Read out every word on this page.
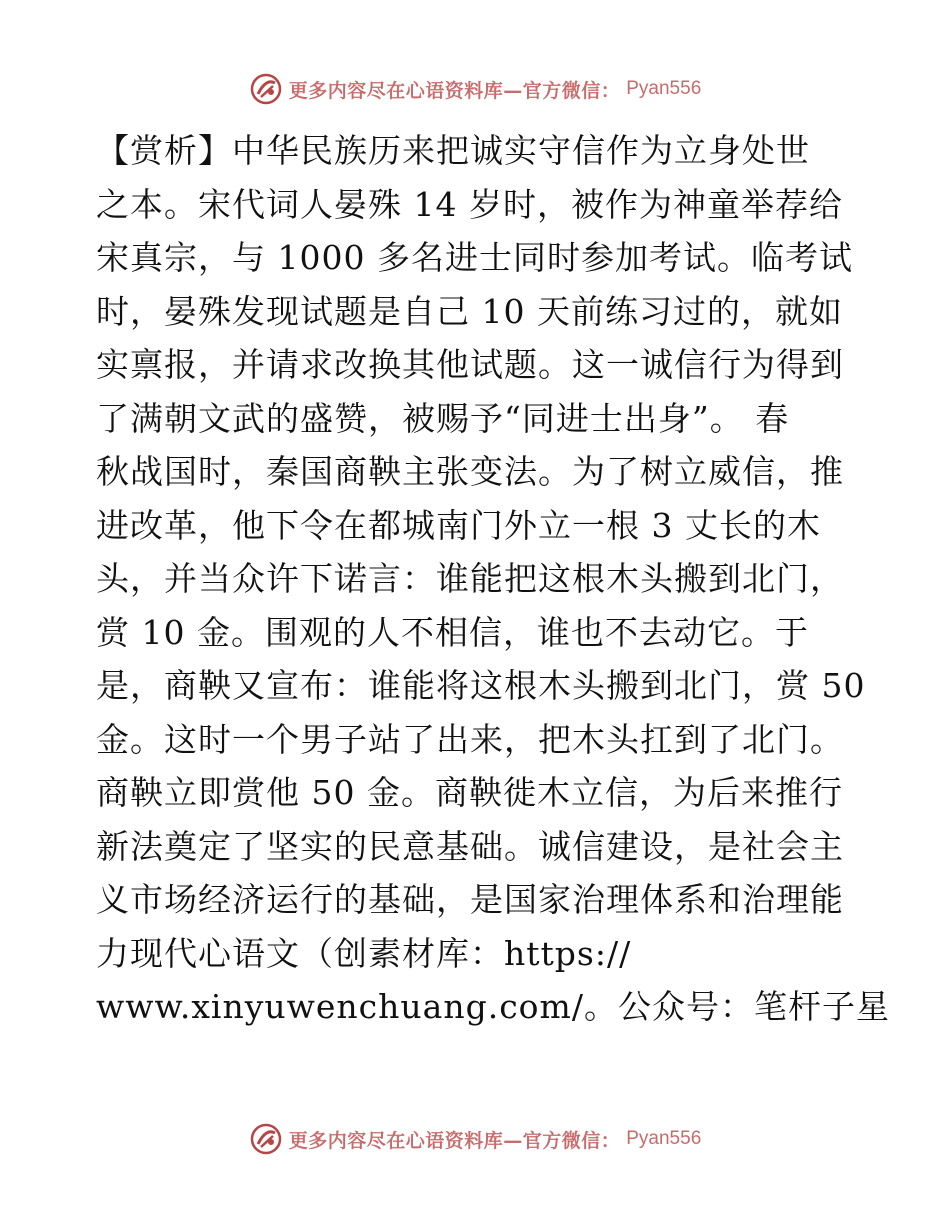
更多内容尽在心语资料库—官方微信： Pyan556
【赏析】中华民族历来把诚实守信作为立身处世
之本。宋代词人晏殊 14 岁时，被作为神童举荐给
宋真宗，与 1000 多名进士同时参加考试。临考试
时，晏殊发现试题是自己 10 天前练习过的，就如
实禀报，并请求改换其他试题。这一诚信行为得到
了满朝文武的盛赞，被赐予“同进士出身”。 春
秋战国时，秦国商鞅主张变法。为了树立威信，推
进改革，他下令在都城南门外立一根 3 丈长的木
头，并当众许下诺言：谁能把这根木头搬到北门，
赏 10 金。围观的人不相信，谁也不去动它。于
是，商鞅又宣布：谁能将这根木头搬到北门，赏 50
金。这时一个男子站了出来，把木头扛到了北门。
商鞅立即赏他 50 金。商鞅徙木立信，为后来推行
新法奠定了坚实的民意基础。诚信建设，是社会主
义市场经济运行的基础，是国家治理体系和治理能
力现代心语文（创素材库：https://
www.xinyuwenchuang.com/。公众号：笔杆子星
更多内容尽在心语资料库—官方微信： Pyan556
